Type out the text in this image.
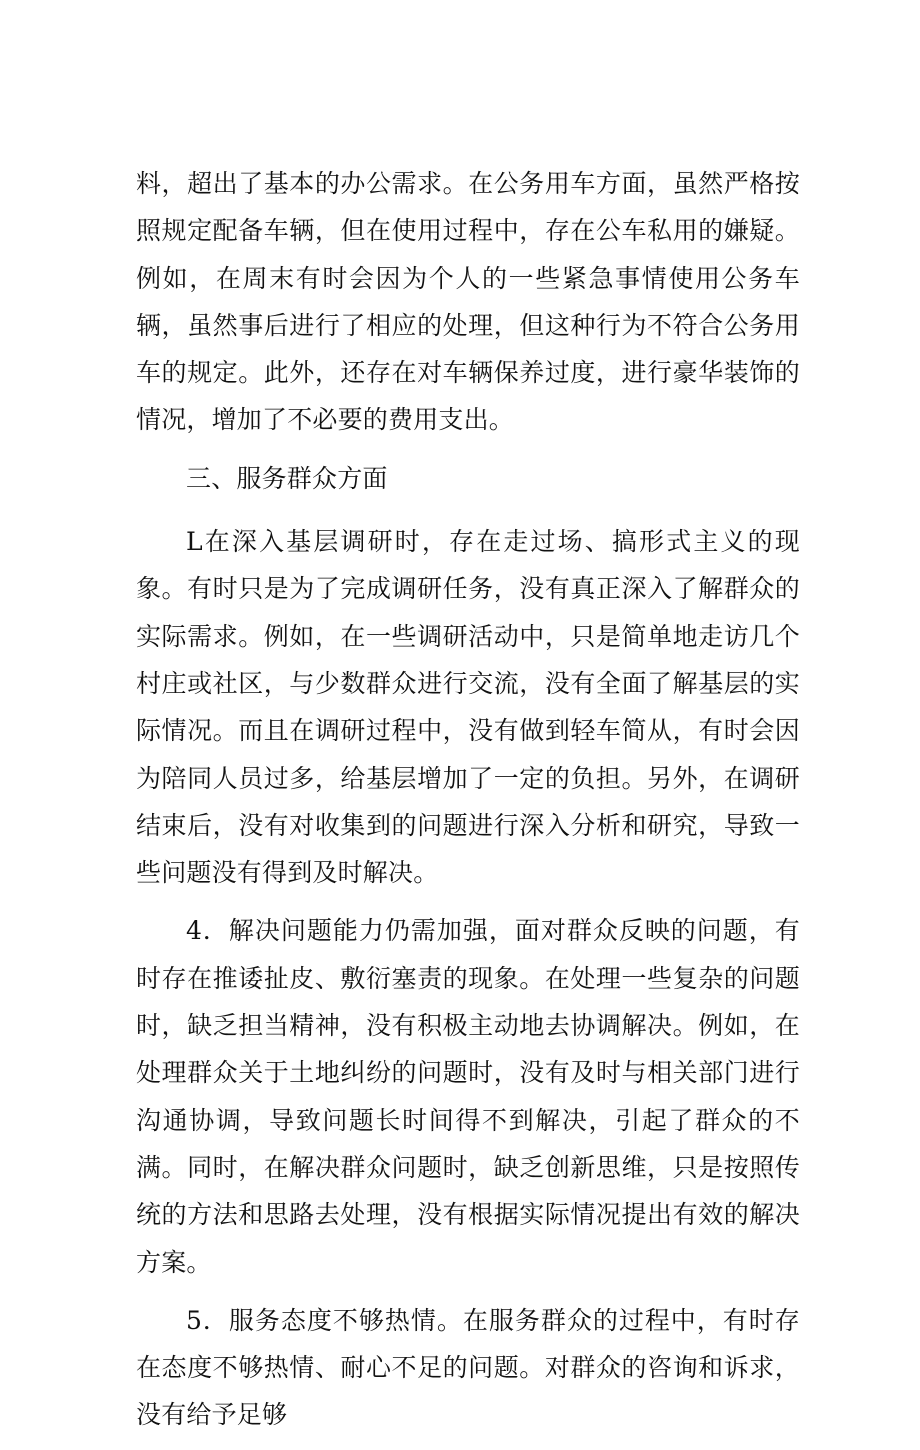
料，超出了基本的办公需求。在公务用车方面，虽然严格按照规定配备车辆，但在使用过程中，存在公车私用的嫌疑。例如，在周末有时会因为个人的一些紧急事情使用公务车辆，虽然事后进行了相应的处理，但这种行为不符合公务用车的规定。此外，还存在对车辆保养过度，进行豪华装饰的情况，增加了不必要的费用支出。

三、服务群众方面

L在深入基层调研时，存在走过场、搞形式主义的现象。有时只是为了完成调研任务，没有真正深入了解群众的实际需求。例如，在一些调研活动中，只是简单地走访几个村庄或社区，与少数群众进行交流，没有全面了解基层的实际情况。而且在调研过程中，没有做到轻车简从，有时会因为陪同人员过多，给基层增加了一定的负担。另外，在调研结束后，没有对收集到的问题进行深入分析和研究，导致一些问题没有得到及时解决。

4．解决问题能力仍需加强，面对群众反映的问题，有时存在推诿扯皮、敷衍塞责的现象。在处理一些复杂的问题时，缺乏担当精神，没有积极主动地去协调解决。例如，在处理群众关于土地纠纷的问题时，没有及时与相关部门进行沟通协调，导致问题长时间得不到解决，引起了群众的不满。同时，在解决群众问题时，缺乏创新思维，只是按照传统的方法和思路去处理，没有根据实际情况提出有效的解决方案。

5．服务态度不够热情。在服务群众的过程中，有时存在态度不够热情、耐心不足的问题。对群众的咨询和诉求，没有给予足够
